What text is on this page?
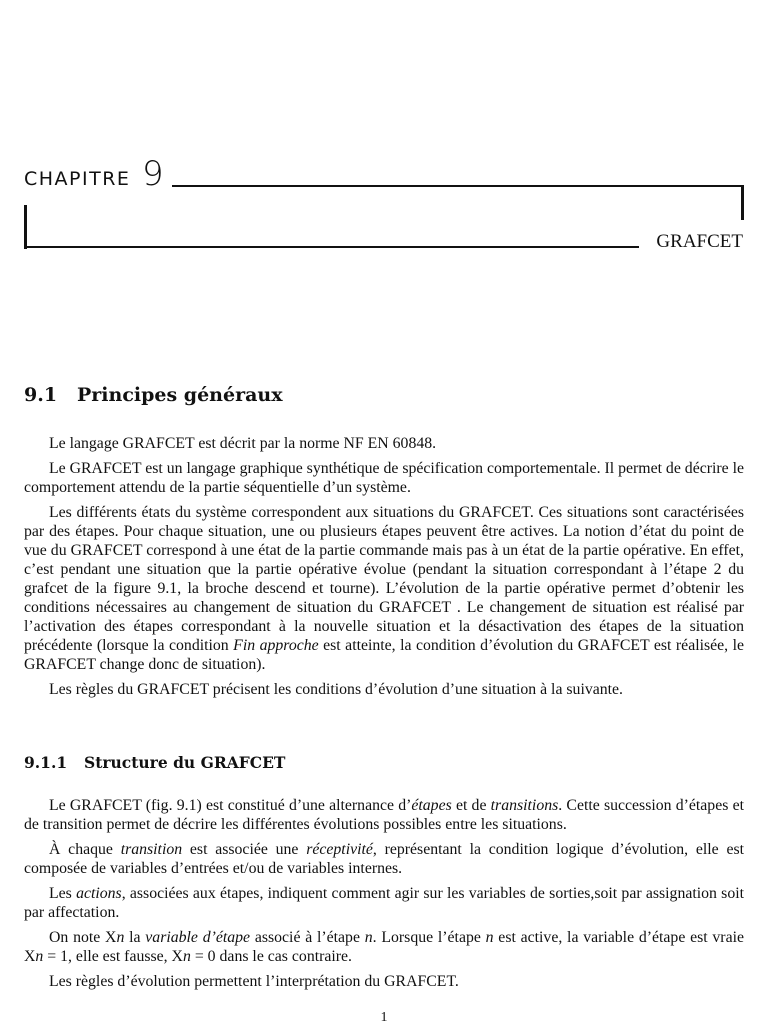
CHAPITRE 9
GRAFCET
9.1	Principes généraux

Le langage GRAFCET est décrit par la norme NF EN 60848.

Le GRAFCET est un langage graphique synthétique de spécification comportementale. Il permet de décrire le comportement attendu de la partie séquentielle d’un système.

Les différents états du système correspondent aux situations du GRAFCET. Ces situations sont caractérisées par des étapes. Pour chaque situation, une ou plusieurs étapes peuvent être actives. La notion d’état du point de vue du GRAFCET correspond à une état de la partie commande mais pas à un état de la partie opérative. En effet, c’est pendant une situation que la partie opérative évolue (pendant la situation correspondant à l’étape 2 du grafcet de la figure 9.1, la broche descend et tourne). L’évolution de la partie opérative permet d’obtenir les conditions nécessaires au changement de situation du GRAFCET . Le changement de situation est réalisé par l’activation des étapes correspondant à la nouvelle situation et la désactivation des étapes de la situation précédente (lorsque la condition Fin approche est atteinte, la condition d’évolution du GRAFCET est réalisée, le GRAFCET change donc de situation).

Les règles du GRAFCET précisent les conditions d’évolution d’une situation à la suivante.

9.1.1	Structure du GRAFCET

Le GRAFCET (fig. 9.1) est constitué d’une alternance d’étapes et de transitions. Cette succession d’étapes et de transition permet de décrire les différentes évolutions possibles entre les situations.

À chaque transition est associée une réceptivité, représentant la condition logique d’évolution, elle est composée de variables d’entrées et/ou de variables internes.

Les actions, associées aux étapes, indiquent comment agir sur les variables de sorties,soit par assignation soit par affectation.

On note Xn la variable d’étape associé à l’étape n. Lorsque l’étape n est active, la variable d’étape est vraie Xn = 1, elle est fausse, Xn = 0 dans le cas contraire.

Les règles d’évolution permettent l’interprétation du GRAFCET.

1
